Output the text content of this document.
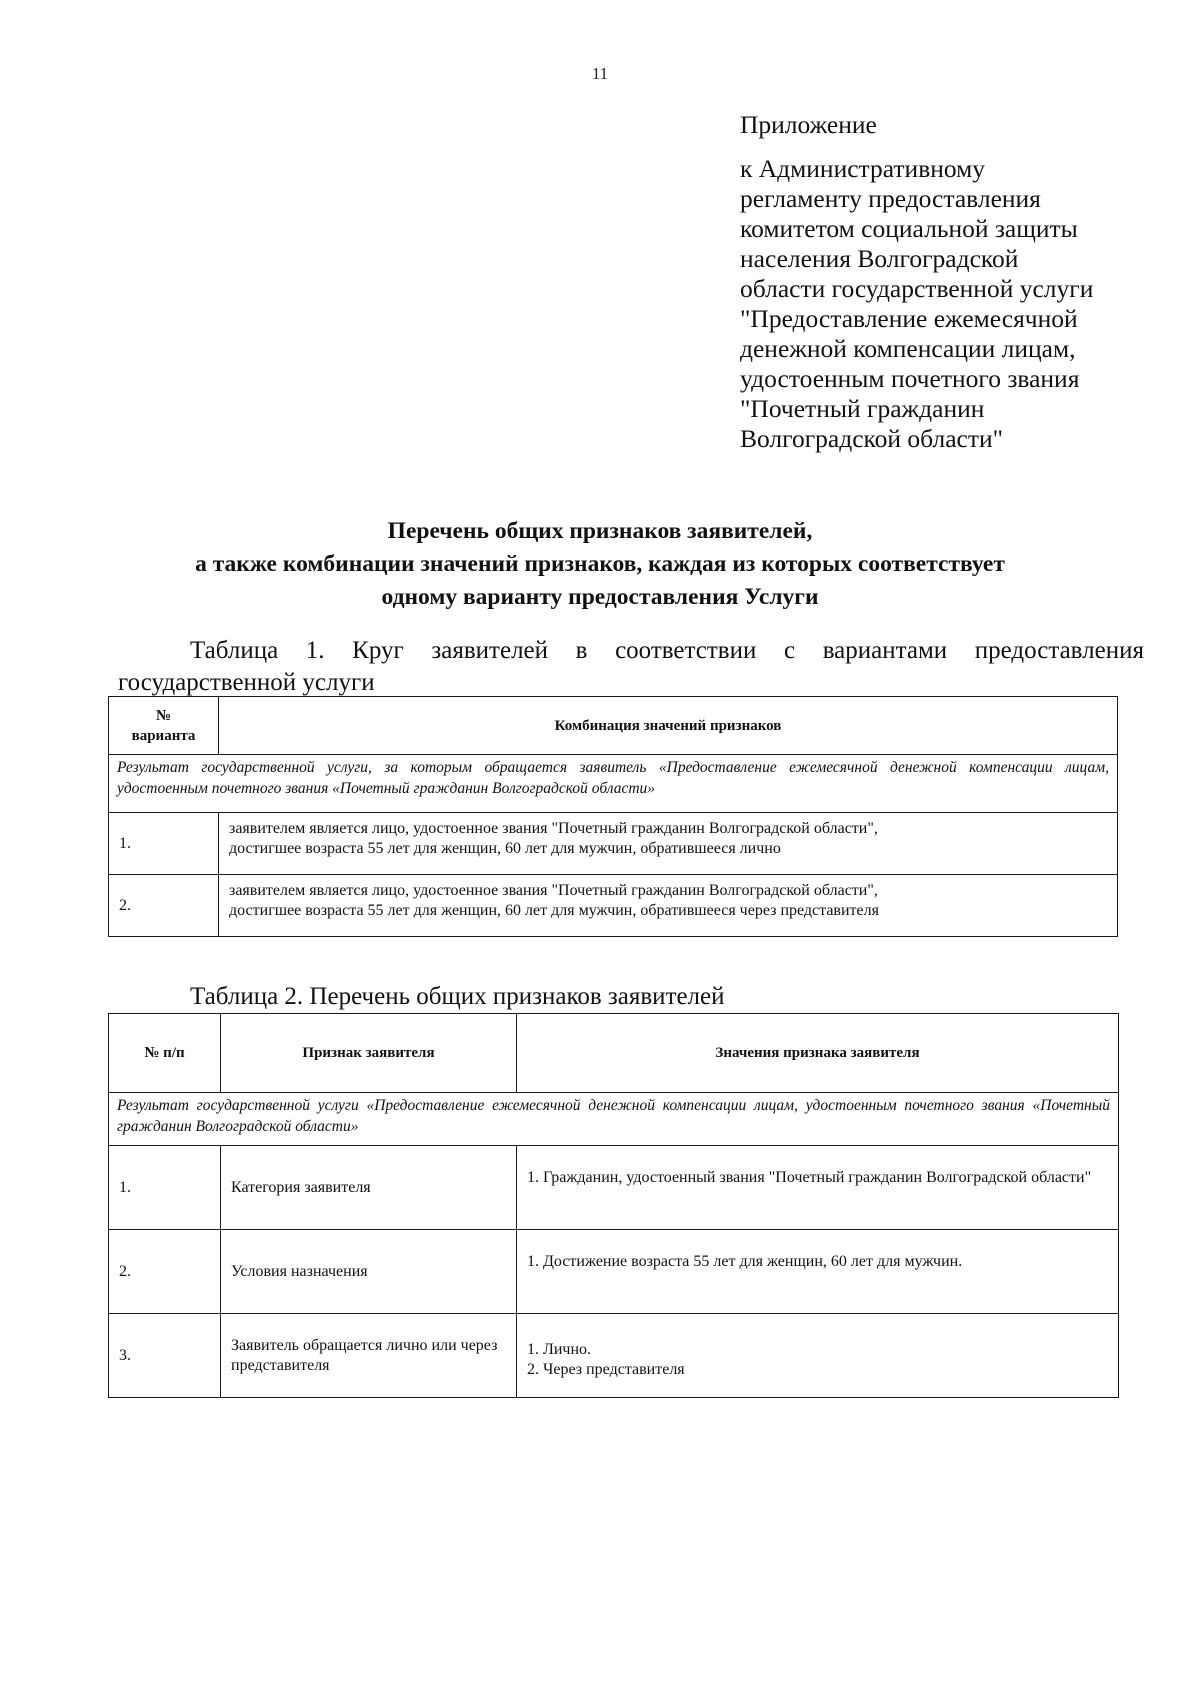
11
Приложение
к Административному
регламенту предоставления
комитетом социальной защиты
населения Волгоградской
области государственной услуги
"Предоставление ежемесячной
денежной компенсации лицам,
удостоенным почетного звания
"Почетный гражданин
Волгоградской области"
Перечень общих признаков заявителей,
а также комбинации значений признаков, каждая из которых соответствует
одному варианту предоставления Услуги
Таблица 1. Круг заявителей в соответствии с вариантами предоставления государственной услуги
№
варианта	Комбинация значений признаков
Результат государственной услуги, за которым обращается заявитель «Предоставление ежемесячной денежной компенсации лицам, удостоенным почетного звания «Почетный гражданин Волгоградской области»	
1.	заявителем является лицо, удостоенное звания "Почетный гражданин Волгоградской области",
достигшее возраста 55 лет для женщин, 60 лет для мужчин, обратившееся лично

2.	заявителем является лицо, удостоенное звания "Почетный гражданин Волгоградской области",
достигшее возраста 55 лет для женщин, 60 лет для мужчин, обратившееся через представителя
Таблица 2. Перечень общих признаков заявителей
№ п/п	Признак заявителя	Значения признака заявителя
Результат государственной услуги «Предоставление ежемесячной денежной компенсации лицам, удостоенным почетного звания «Почетный гражданин Волгоградской области»		
1.	Категория заявителя	1. Гражданин, удостоенный звания "Почетный гражданин Волгоградской области"

2.	Условия назначения	1. Достижение возраста 55 лет для женщин, 60 лет для мужчин.

3.	Заявитель обращается лично или через представителя	1. Лично.
2. Через представителя
